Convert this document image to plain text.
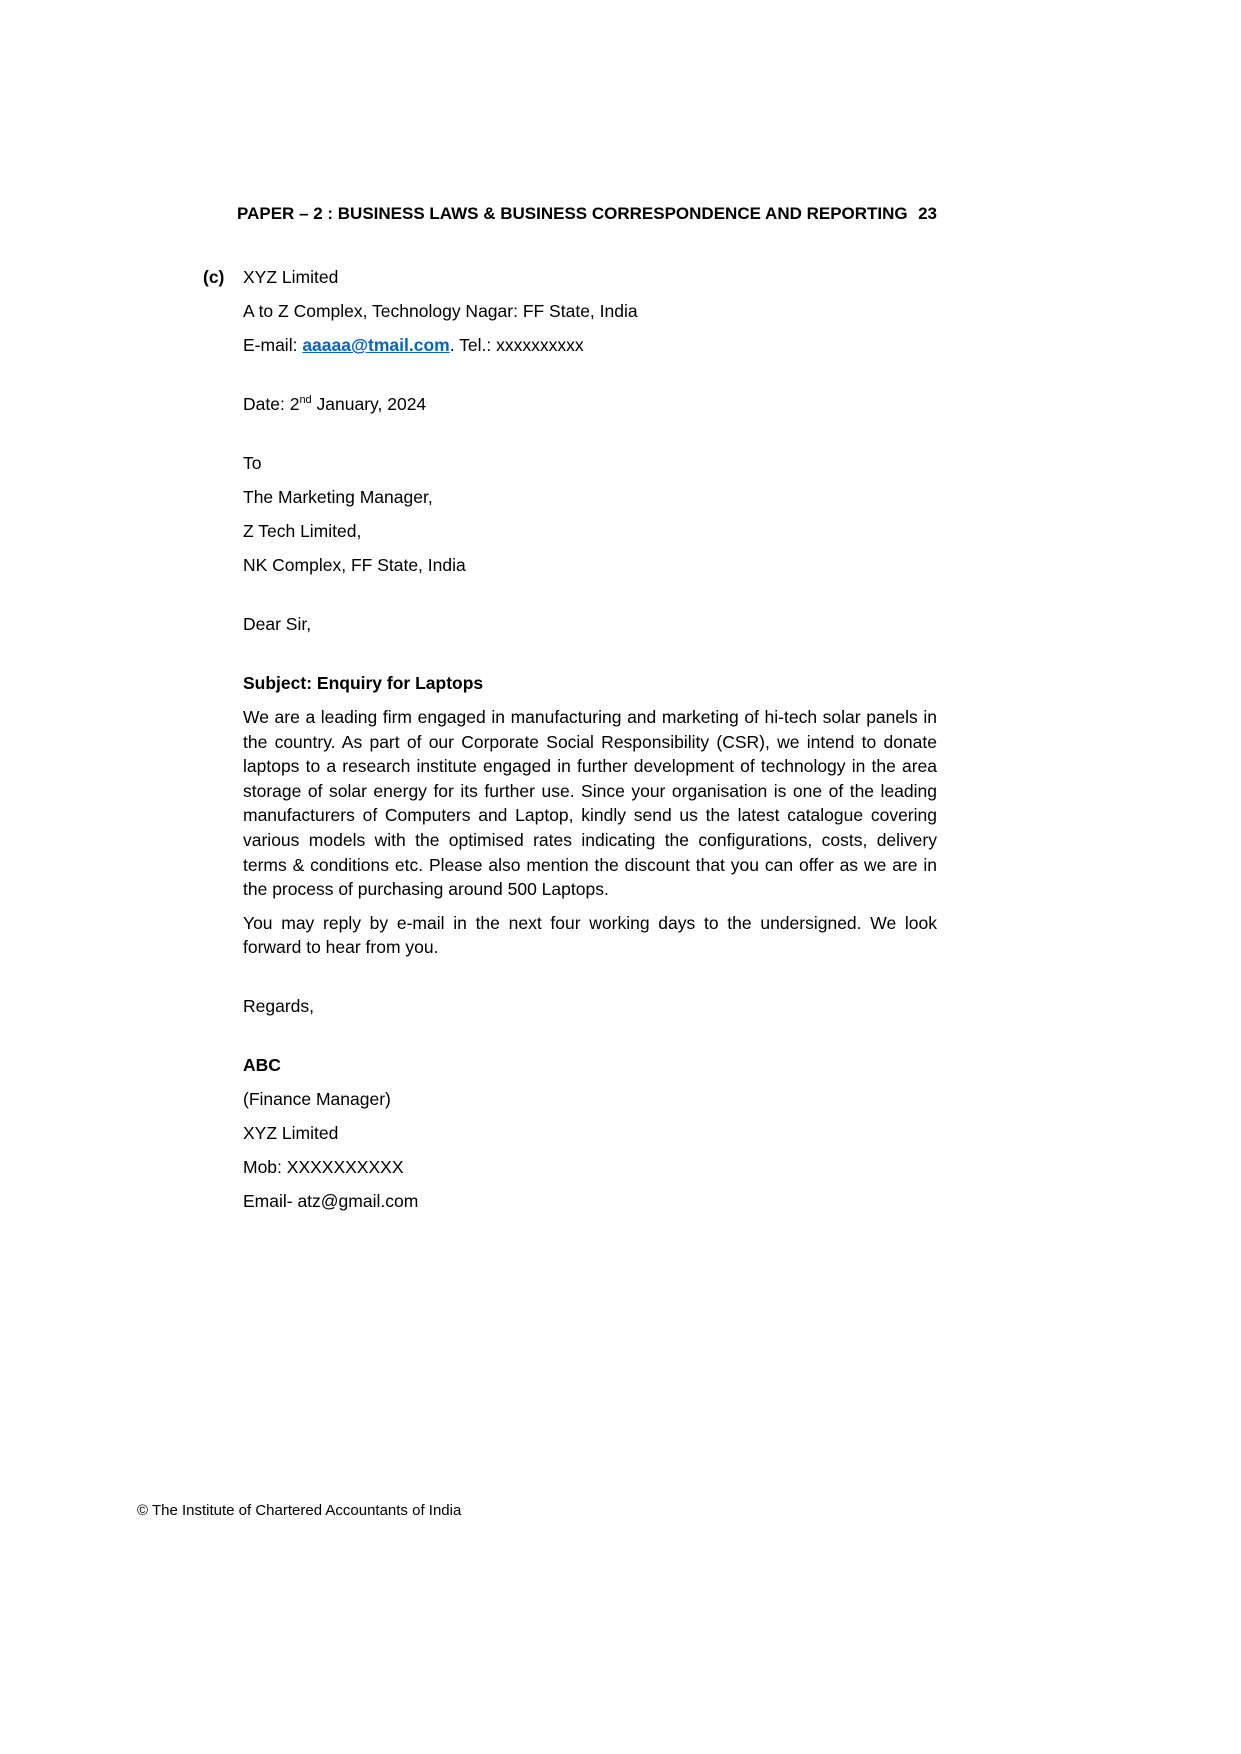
PAPER – 2 : BUSINESS LAWS & BUSINESS CORRESPONDENCE AND REPORTING 23
(c)	XYZ Limited
A to Z Complex, Technology Nagar: FF State, India
E-mail: aaaaa@tmail.com. Tel.: xxxxxxxxxx
Date: 2nd January, 2024
To
The Marketing Manager,
Z Tech Limited,
NK Complex, FF State, India
Dear Sir,
Subject: Enquiry for Laptops
We are a leading firm engaged in manufacturing and marketing of hi-tech solar panels in the country. As part of our Corporate Social Responsibility (CSR), we intend to donate laptops to a research institute engaged in further development of technology in the area storage of solar energy for its further use. Since your organisation is one of the leading manufacturers of Computers and Laptop, kindly send us the latest catalogue covering various models with the optimised rates indicating the configurations, costs, delivery terms & conditions etc. Please also mention the discount that you can offer as we are in the process of purchasing around 500 Laptops.
You may reply by e-mail in the next four working days to the undersigned. We look forward to hear from you.
Regards,
ABC
(Finance Manager)
XYZ Limited
Mob: XXXXXXXXXX
Email- atz@gmail.com
© The Institute of Chartered Accountants of India
